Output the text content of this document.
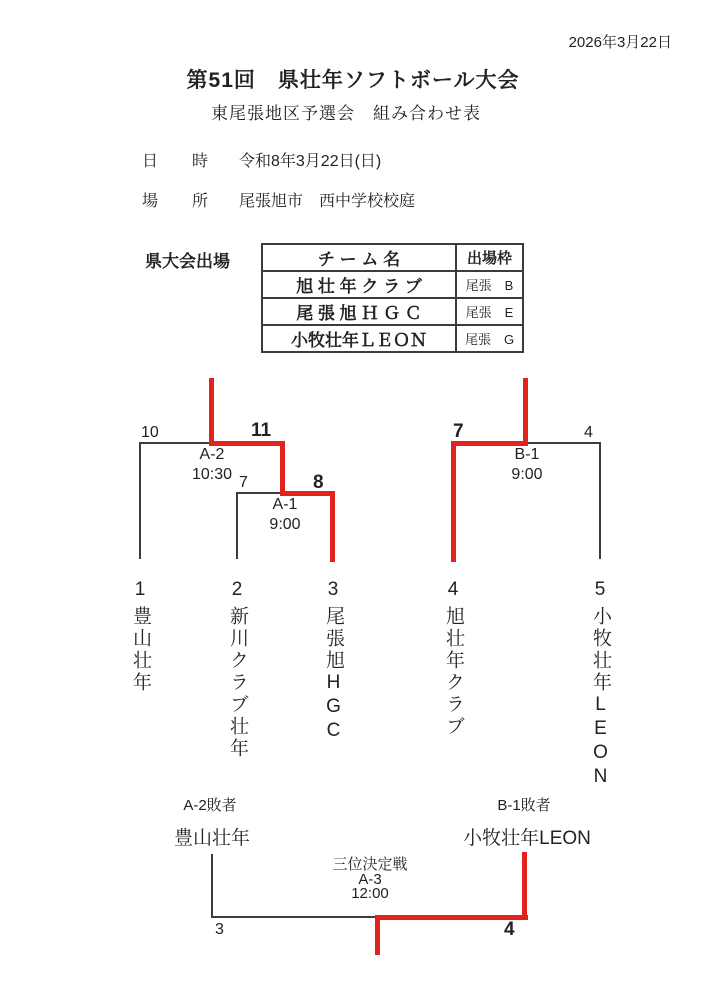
2026年3月22日
第51回　県壮年ソフトボール大会
東尾張地区予選会　組み合わせ表
日 時 令和8年3月22日(日)
場 所 尾張旭市　西中学校校庭
県大会出場	チ ー ム 名	出場枠
旭 壮 年 ク ラ ブ	尾張　B
尾 張 旭 Ｈ Ｇ Ｃ	尾張　E
小牧壮年ＬＥＯＮ	尾張　G
10	11
7	8
7	4
A-2
10:30
A-1
9:00
B-1
9:00
1
豊山壮年
2
新川クラブ壮年
3
尾張旭HGC
4
旭壮年クラブ
5
小牧壮年LEON
A-2敗者
豊山壮年
B-1敗者
小牧壮年LEON
三位決定戦
A-3
12:00
3	4
